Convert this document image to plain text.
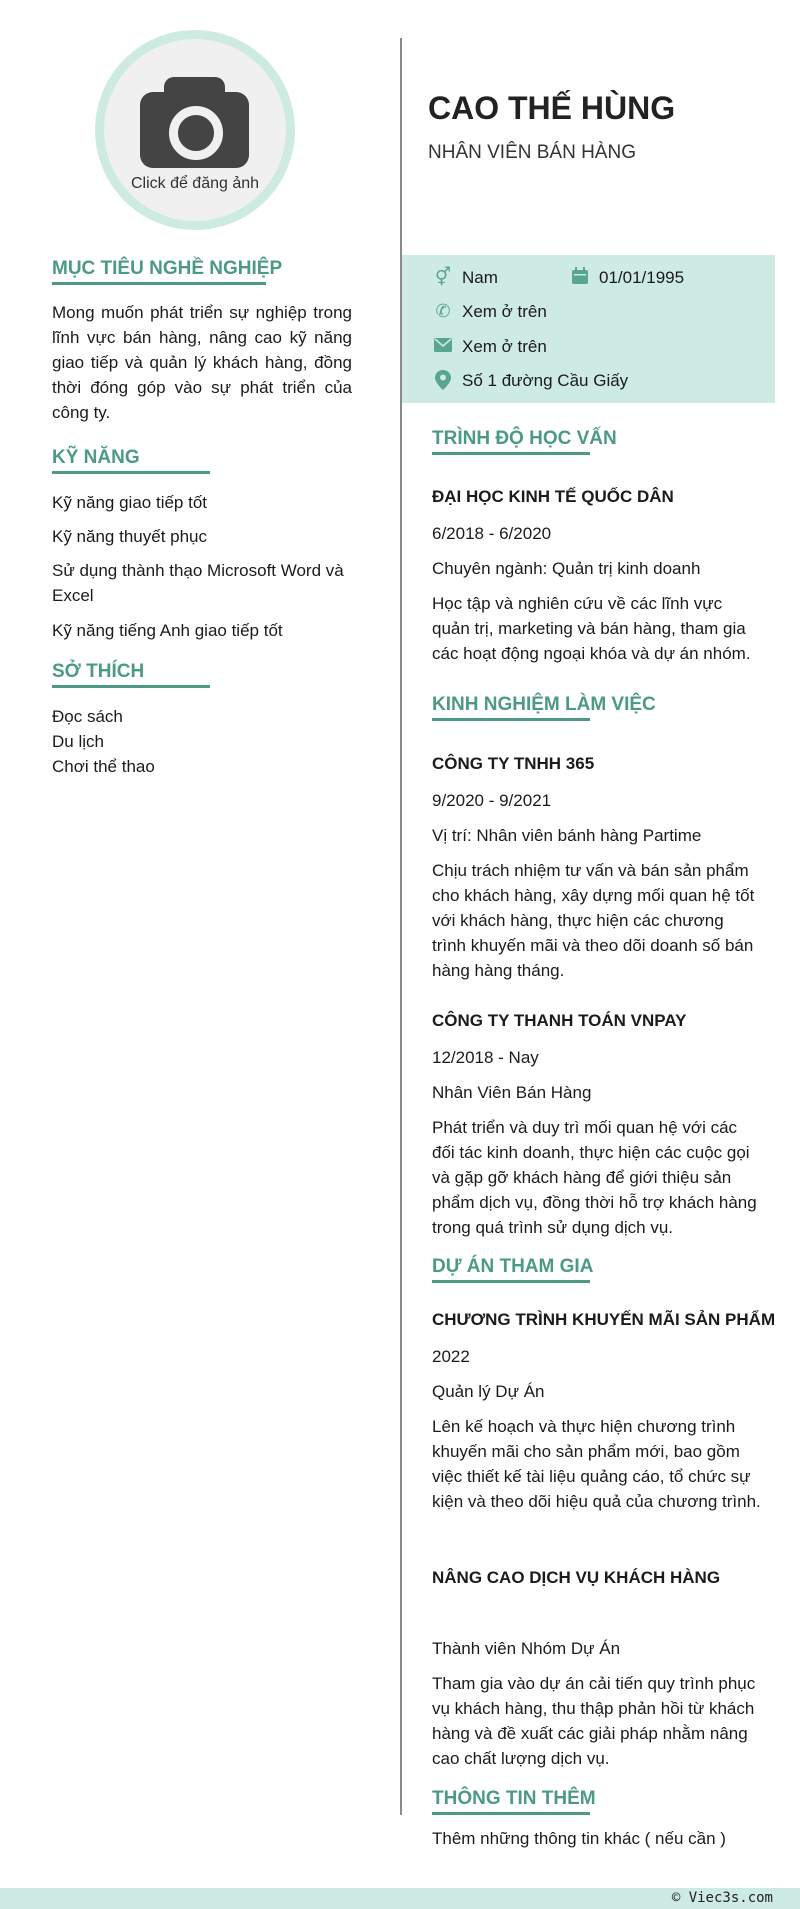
Click để đăng ảnh
CAO THẾ HÙNG
NHÂN VIÊN BÁN HÀNG
⚥ Nam	01/01/1995
✆ Xem ở trên
Xem ở trên
Số 1 đường Cầu Giấy
MỤC TIÊU NGHỀ NGHIỆP
Mong muốn phát triển sự nghiệp trong lĩnh vực bán hàng, nâng cao kỹ năng giao tiếp và quản lý khách hàng, đồng thời đóng góp vào sự phát triển của công ty.
KỸ NĂNG
Kỹ năng giao tiếp tốt
Kỹ năng thuyết phục
Sử dụng thành thạo Microsoft Word và Excel
Kỹ năng tiếng Anh giao tiếp tốt
SỞ THÍCH
Đọc sách
Du lịch
Chơi thể thao
TRÌNH ĐỘ HỌC VẤN
ĐẠI HỌC KINH TẾ QUỐC DÂN
6/2018 - 6/2020
Chuyên ngành: Quản trị kinh doanh
Học tập và nghiên cứu về các lĩnh vực quản trị, marketing và bán hàng, tham gia các hoạt động ngoại khóa và dự án nhóm.
KINH NGHIỆM LÀM VIỆC
CÔNG TY TNHH 365
9/2020 - 9/2021
Vị trí: Nhân viên bánh hàng Partime
Chịu trách nhiệm tư vấn và bán sản phẩm cho khách hàng, xây dựng mối quan hệ tốt với khách hàng, thực hiện các chương trình khuyến mãi và theo dõi doanh số bán hàng hàng tháng.
CÔNG TY THANH TOÁN VNPAY
12/2018 - Nay
Nhân Viên Bán Hàng
Phát triển và duy trì mối quan hệ với các đối tác kinh doanh, thực hiện các cuộc gọi và gặp gỡ khách hàng để giới thiệu sản phẩm dịch vụ, đồng thời hỗ trợ khách hàng trong quá trình sử dụng dịch vụ.
DỰ ÁN THAM GIA
CHƯƠNG TRÌNH KHUYẾN MÃI SẢN PHẨM
2022
Quản lý Dự Án
Lên kế hoạch và thực hiện chương trình khuyến mãi cho sản phẩm mới, bao gồm việc thiết kế tài liệu quảng cáo, tổ chức sự kiện và theo dõi hiệu quả của chương trình.
NÂNG CAO DỊCH VỤ KHÁCH HÀNG
Thành viên Nhóm Dự Án
Tham gia vào dự án cải tiến quy trình phục vụ khách hàng, thu thập phản hồi từ khách hàng và đề xuất các giải pháp nhằm nâng cao chất lượng dịch vụ.
THÔNG TIN THÊM
Thêm những thông tin khác ( nếu cần )
© Viec3s.com
